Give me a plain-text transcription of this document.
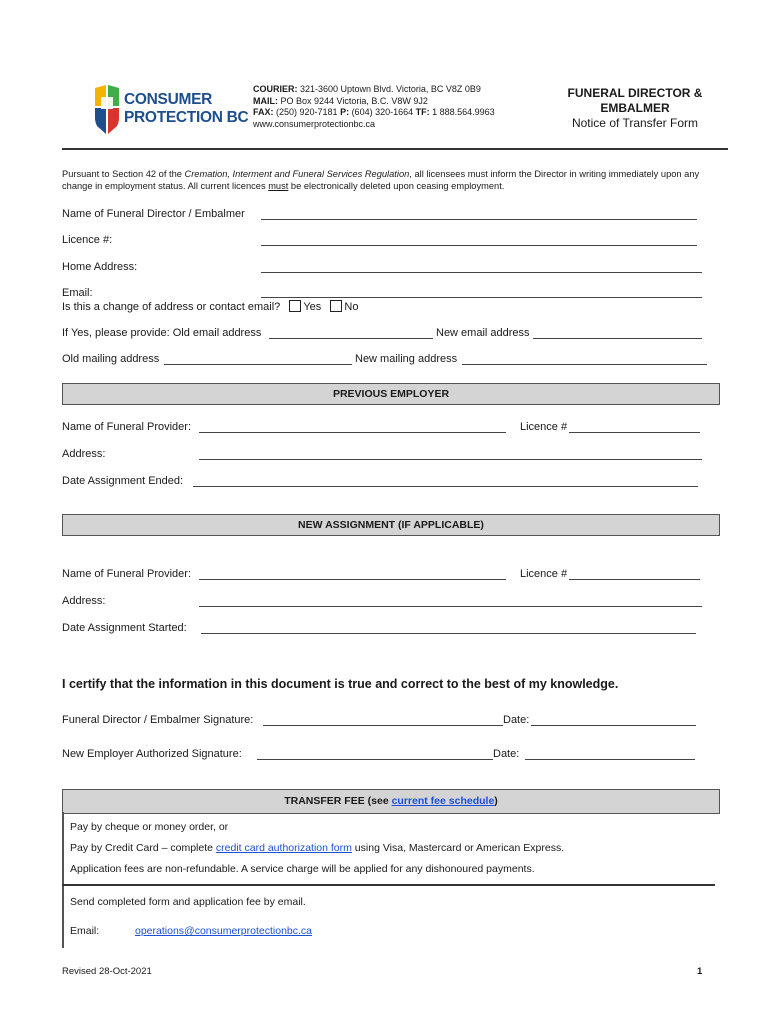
CONSUMER
PROTECTION BC
COURIER: 321-3600 Uptown Blvd. Victoria, BC V8Z 0B9
MAIL: PO Box 9244 Victoria, B.C. V8W 9J2
FAX: (250) 920-7181 P: (604) 320-1664 TF: 1 888.564.9963
www.consumerprotectionbc.ca
FUNERAL DIRECTOR &
EMBALMER
Notice of Transfer Form
Pursuant to Section 42 of the Cremation, Interment and Funeral Services Regulation, all licensees must inform the Director in writing immediately upon any change in employment status. All current licences must be electronically deleted upon ceasing employment.
Name of Funeral Director / Embalmer
Licence #:
Home Address:
Email:
Is this a change of address or contact email? Yes No
If Yes, please provide: Old email address	New email address
Old mailing address	New mailing address
PREVIOUS EMPLOYER
Name of Funeral Provider:	Licence #
Address:
Date Assignment Ended:
NEW ASSIGNMENT (IF APPLICABLE)
Name of Funeral Provider:	Licence #
Address:
Date Assignment Started:
I certify that the information in this document is true and correct to the best of my knowledge.
Funeral Director / Embalmer Signature:	Date:
New Employer Authorized Signature:	Date:
TRANSFER FEE (see current fee schedule)
Pay by cheque or money order, or
Pay by Credit Card – complete credit card authorization form using Visa, Mastercard or American Express.
Application fees are non-refundable. A service charge will be applied for any dishonoured payments.
Send completed form and application fee by email.
Email:	operations@consumerprotectionbc.ca
Revised 28-Oct-2021	1
